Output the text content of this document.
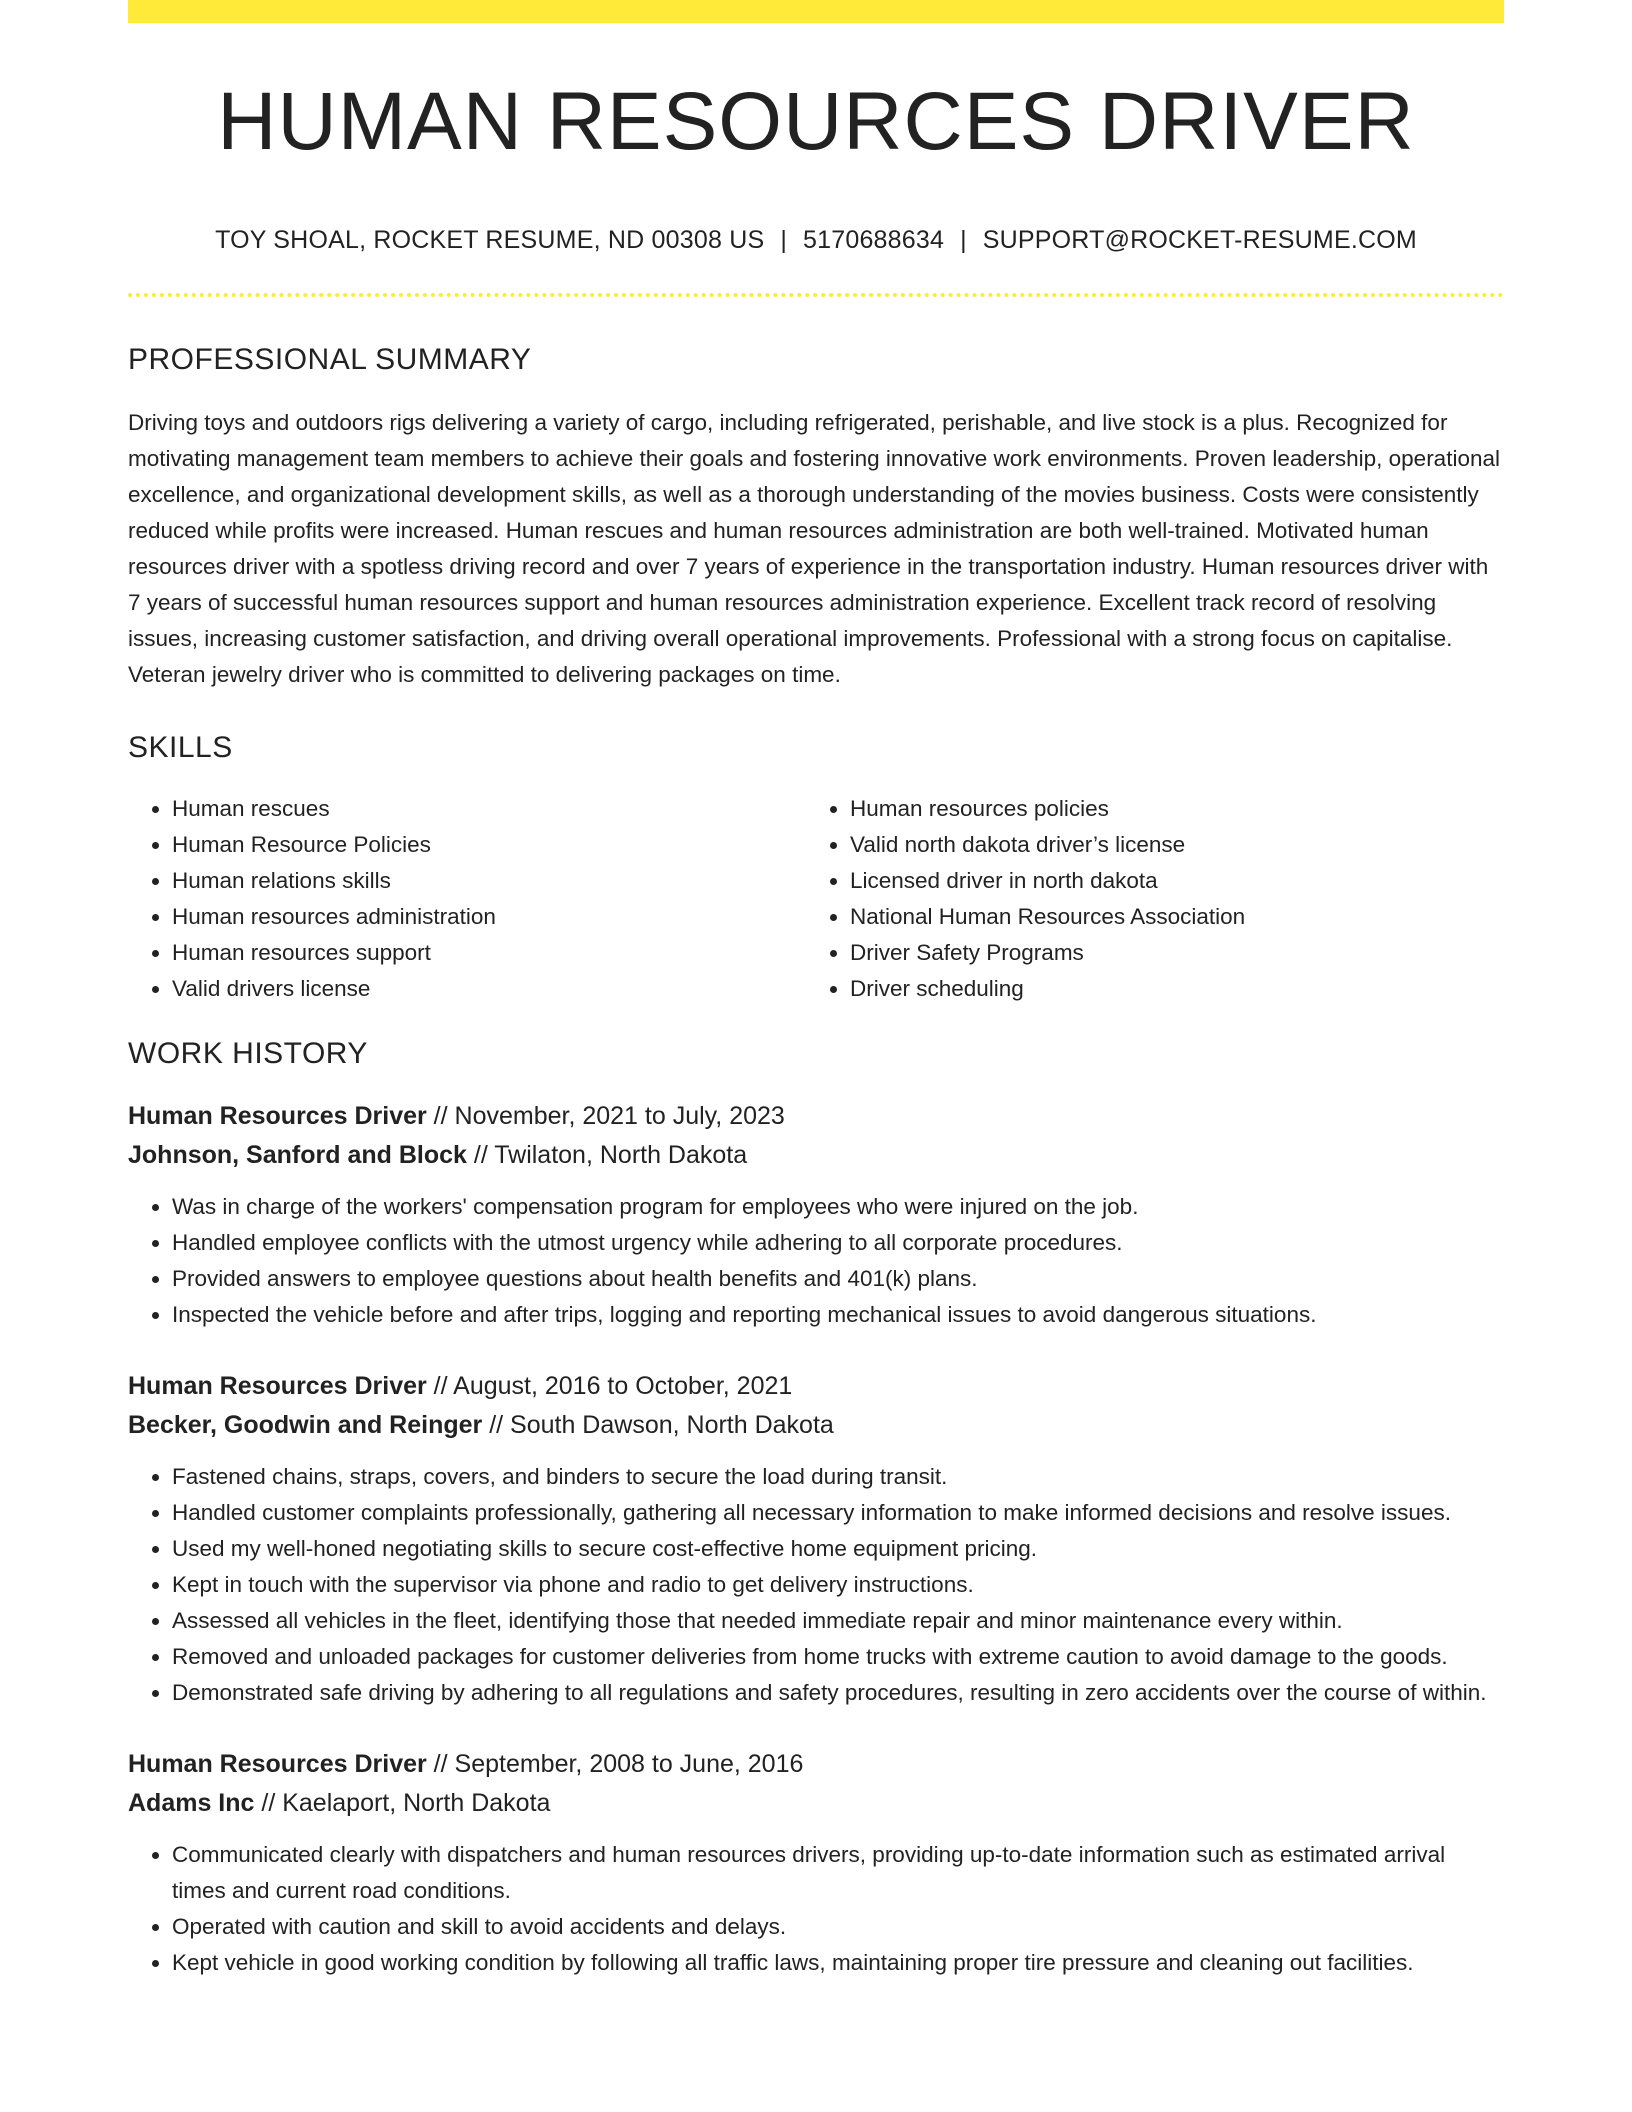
HUMAN RESOURCES DRIVER
TOY SHOAL, ROCKET RESUME, ND 00308 US | 5170688634 | SUPPORT@ROCKET-RESUME.COM
PROFESSIONAL SUMMARY

Driving toys and outdoors rigs delivering a variety of cargo, including refrigerated, perishable, and live stock is a plus. Recognized for motivating management team members to achieve their goals and fostering innovative work environments. Proven leadership, operational excellence, and organizational development skills, as well as a thorough understanding of the movies business. Costs were consistently reduced while profits were increased. Human rescues and human resources administration are both well-trained. Motivated human resources driver with a spotless driving record and over 7 years of experience in the transportation industry. Human resources driver with 7 years of successful human resources support and human resources administration experience. Excellent track record of resolving issues, increasing customer satisfaction, and driving overall operational improvements. Professional with a strong focus on capitalise. Veteran jewelry driver who is committed to delivering packages on time.

SKILLS
• Human rescues
• Human Resource Policies
• Human relations skills
• Human resources administration
• Human resources support
• Valid drivers license
• Human resources policies
• Valid north dakota driver’s license
• Licensed driver in north dakota
• National Human Resources Association
• Driver Safety Programs
• Driver scheduling
WORK HISTORY
Human Resources Driver // November, 2021 to July, 2023
Johnson, Sanford and Block // Twilaton, North Dakota
• Was in charge of the workers' compensation program for employees who were injured on the job.
• Handled employee conflicts with the utmost urgency while adhering to all corporate procedures.
• Provided answers to employee questions about health benefits and 401(k) plans.
• Inspected the vehicle before and after trips, logging and reporting mechanical issues to avoid dangerous situations.
Human Resources Driver // August, 2016 to October, 2021
Becker, Goodwin and Reinger // South Dawson, North Dakota
• Fastened chains, straps, covers, and binders to secure the load during transit.
• Handled customer complaints professionally, gathering all necessary information to make informed decisions and resolve issues.
• Used my well-honed negotiating skills to secure cost-effective home equipment pricing.
• Kept in touch with the supervisor via phone and radio to get delivery instructions.
• Assessed all vehicles in the fleet, identifying those that needed immediate repair and minor maintenance every within.
• Removed and unloaded packages for customer deliveries from home trucks with extreme caution to avoid damage to the goods.
• Demonstrated safe driving by adhering to all regulations and safety procedures, resulting in zero accidents over the course of within.
Human Resources Driver // September, 2008 to June, 2016
Adams Inc // Kaelaport, North Dakota
• Communicated clearly with dispatchers and human resources drivers, providing up-to-date information such as estimated arrival times and current road conditions.
• Operated with caution and skill to avoid accidents and delays.
• Kept vehicle in good working condition by following all traffic laws, maintaining proper tire pressure and cleaning out facilities.
